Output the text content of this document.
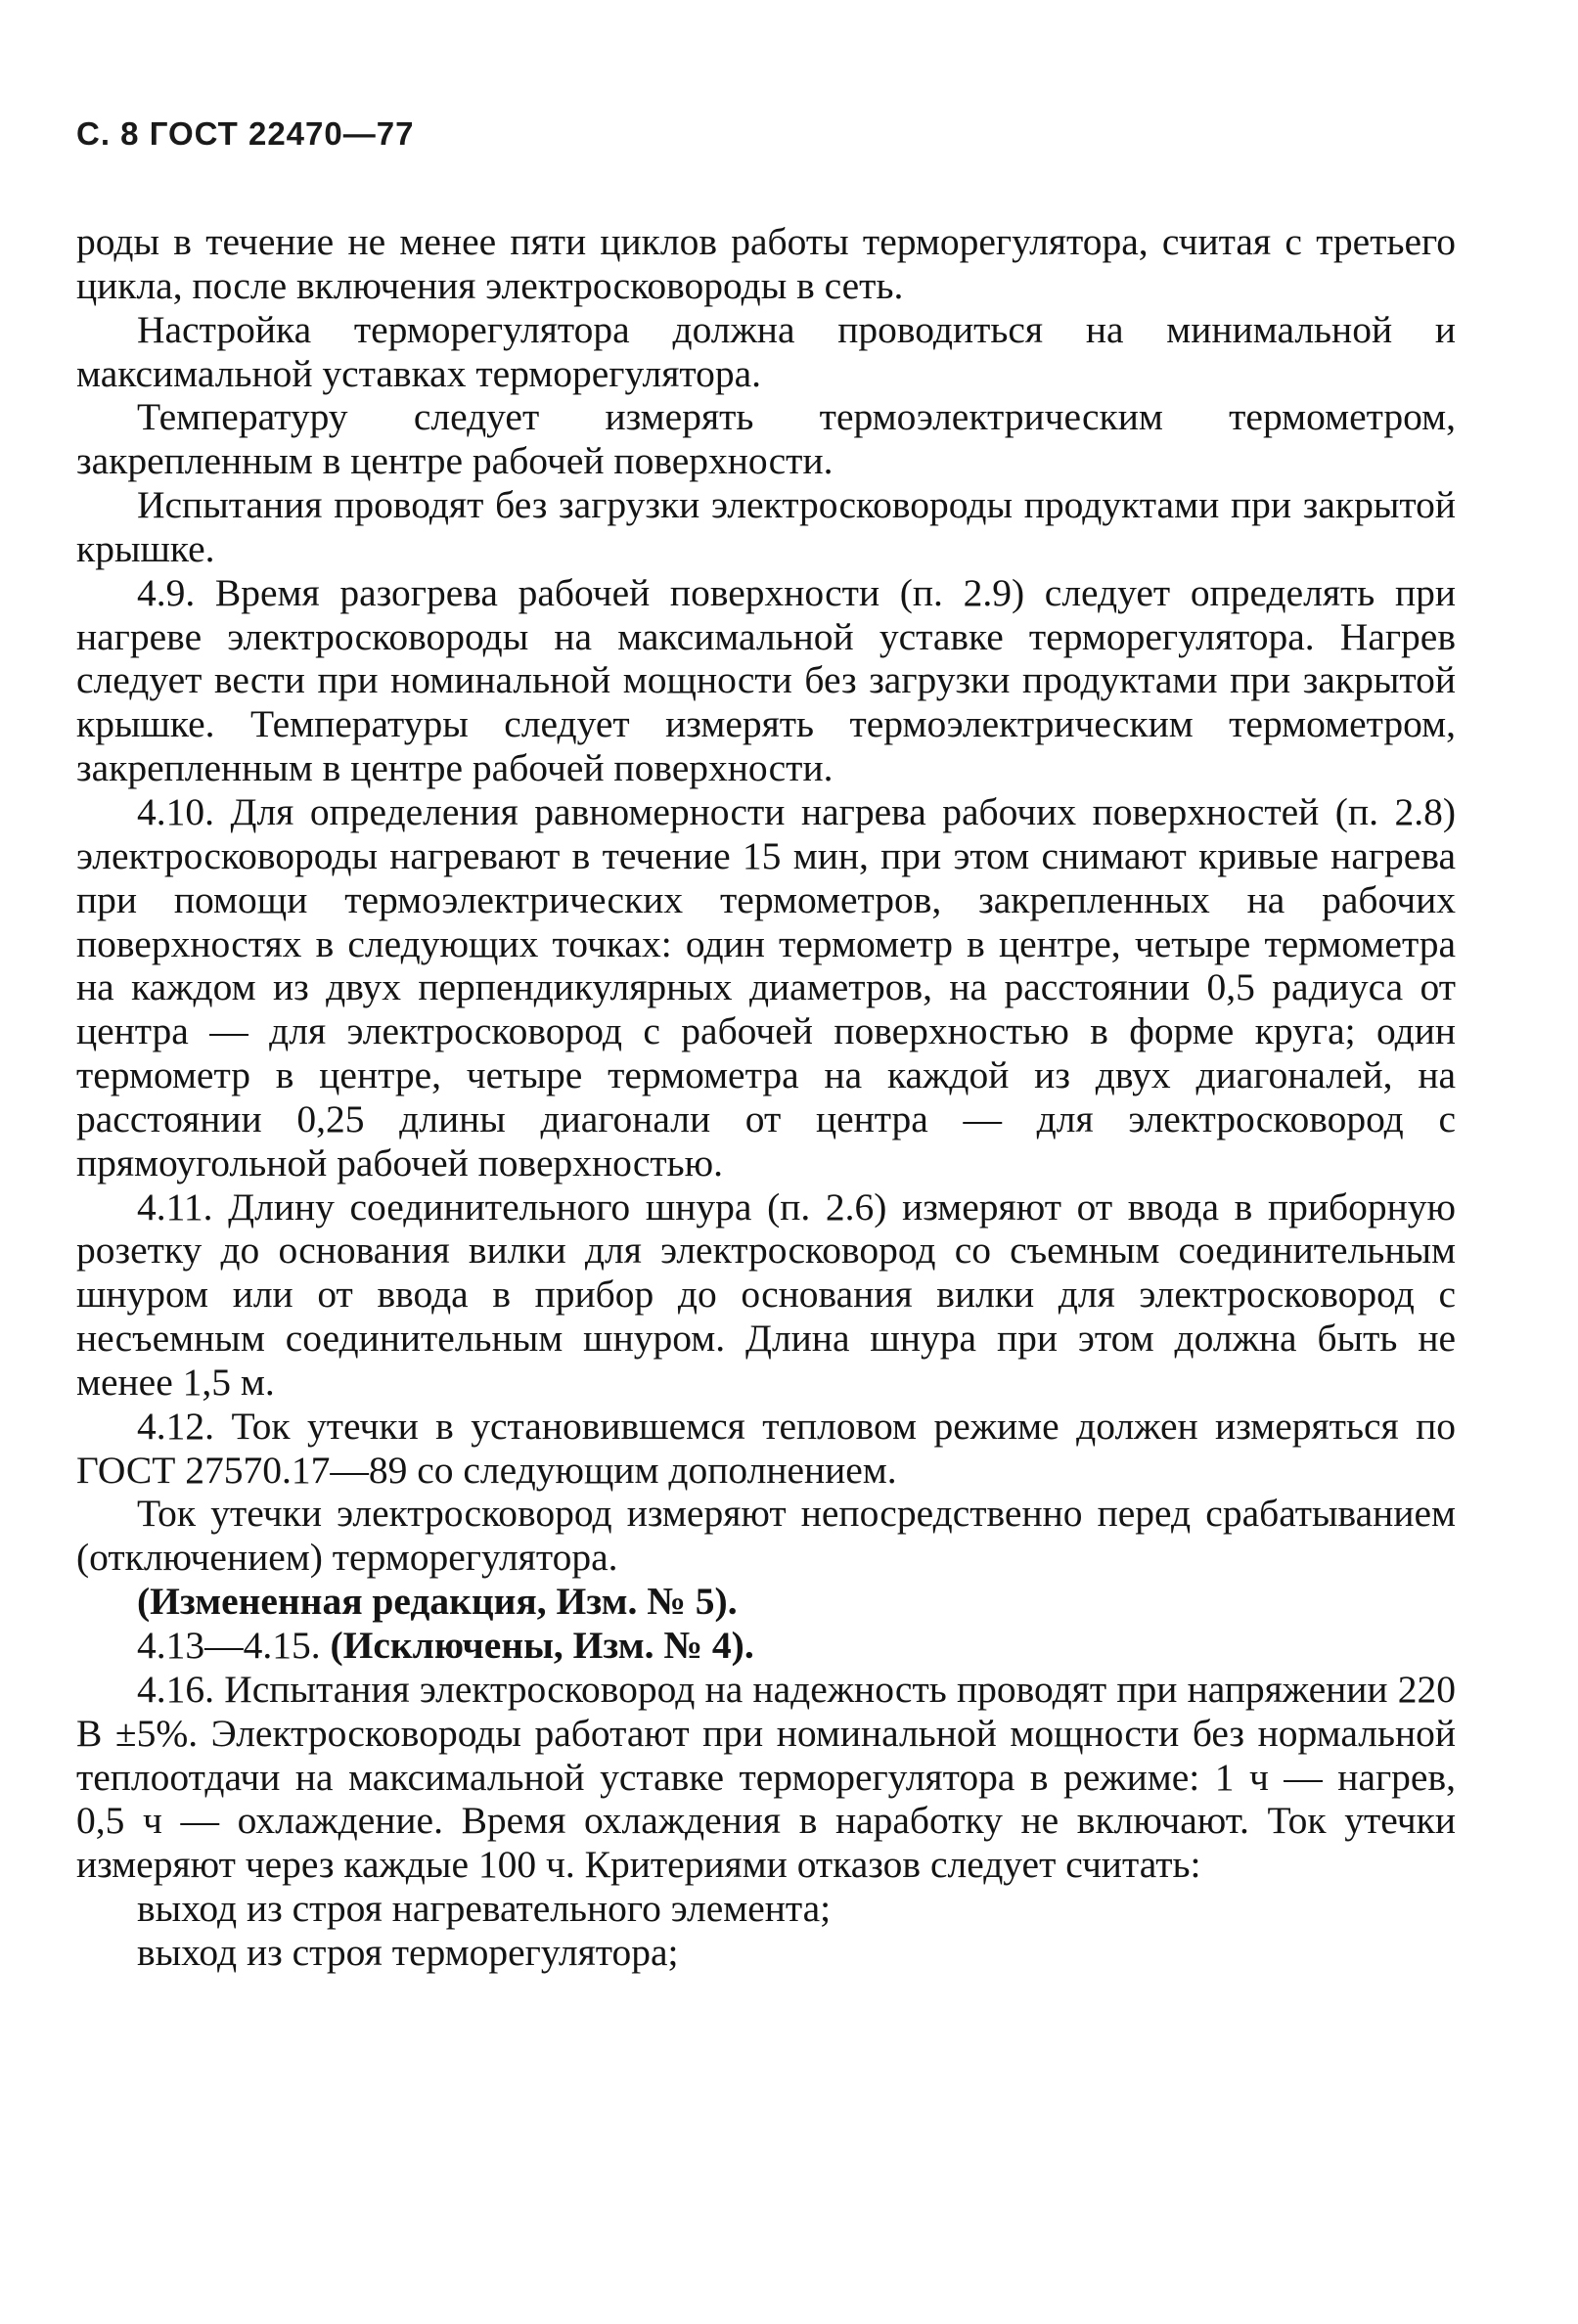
С. 8 ГОСТ 22470—77

роды в течение не менее пяти циклов работы терморегулятора, считая с третьего цикла, после включения электросковороды в сеть.

Настройка терморегулятора должна проводиться на минимальной и максимальной уставках терморегулятора.

Температуру следует измерять термоэлектрическим термометром, закрепленным в центре рабочей поверхности.

Испытания проводят без загрузки электросковороды продуктами при закрытой крышке.

4.9. Время разогрева рабочей поверхности (п. 2.9) следует определять при нагреве электросковороды на максимальной уставке терморегулятора. Нагрев следует вести при номинальной мощности без загрузки продуктами при закрытой крышке. Температуры следует измерять термоэлектрическим термометром, закрепленным в центре рабочей поверхности.

4.10. Для определения равномерности нагрева рабочих поверхностей (п. 2.8) электросковороды нагревают в течение 15 мин, при этом снимают кривые нагрева при помощи термоэлектрических термометров, закрепленных на рабочих поверхностях в следующих точках: один термометр в центре, четыре термометра на каждом из двух перпендикулярных диаметров, на расстоянии 0,5 радиуса от центра — для электросковород с рабочей поверхностью в форме круга; один термометр в центре, четыре термометра на каждой из двух диагоналей, на расстоянии 0,25 длины диагонали от центра — для электросковород с прямоугольной рабочей поверхностью.

4.11. Длину соединительного шнура (п. 2.6) измеряют от ввода в приборную розетку до основания вилки для электросковород со съемным соединительным шнуром или от ввода в прибор до основания вилки для электросковород с несъемным соединительным шнуром. Длина шнура при этом должна быть не менее 1,5 м.

4.12. Ток утечки в установившемся тепловом режиме должен измеряться по ГОСТ 27570.17—89 со следующим дополнением.

Ток утечки электросковород измеряют непосредственно перед срабатыванием (отключением) терморегулятора.

(Измененная редакция, Изм. № 5).

4.13—4.15. (Исключены, Изм. № 4).

4.16. Испытания электросковород на надежность проводят при напряжении 220 В ±5%. Электросковороды работают при номинальной мощности без нормальной теплоотдачи на максимальной уставке терморегулятора в режиме: 1 ч — нагрев, 0,5 ч — охлаждение. Время охлаждения в наработку не включают. Ток утечки измеряют через каждые 100 ч. Критериями отказов следует считать:

выход из строя нагревательного элемента;

выход из строя терморегулятора;
